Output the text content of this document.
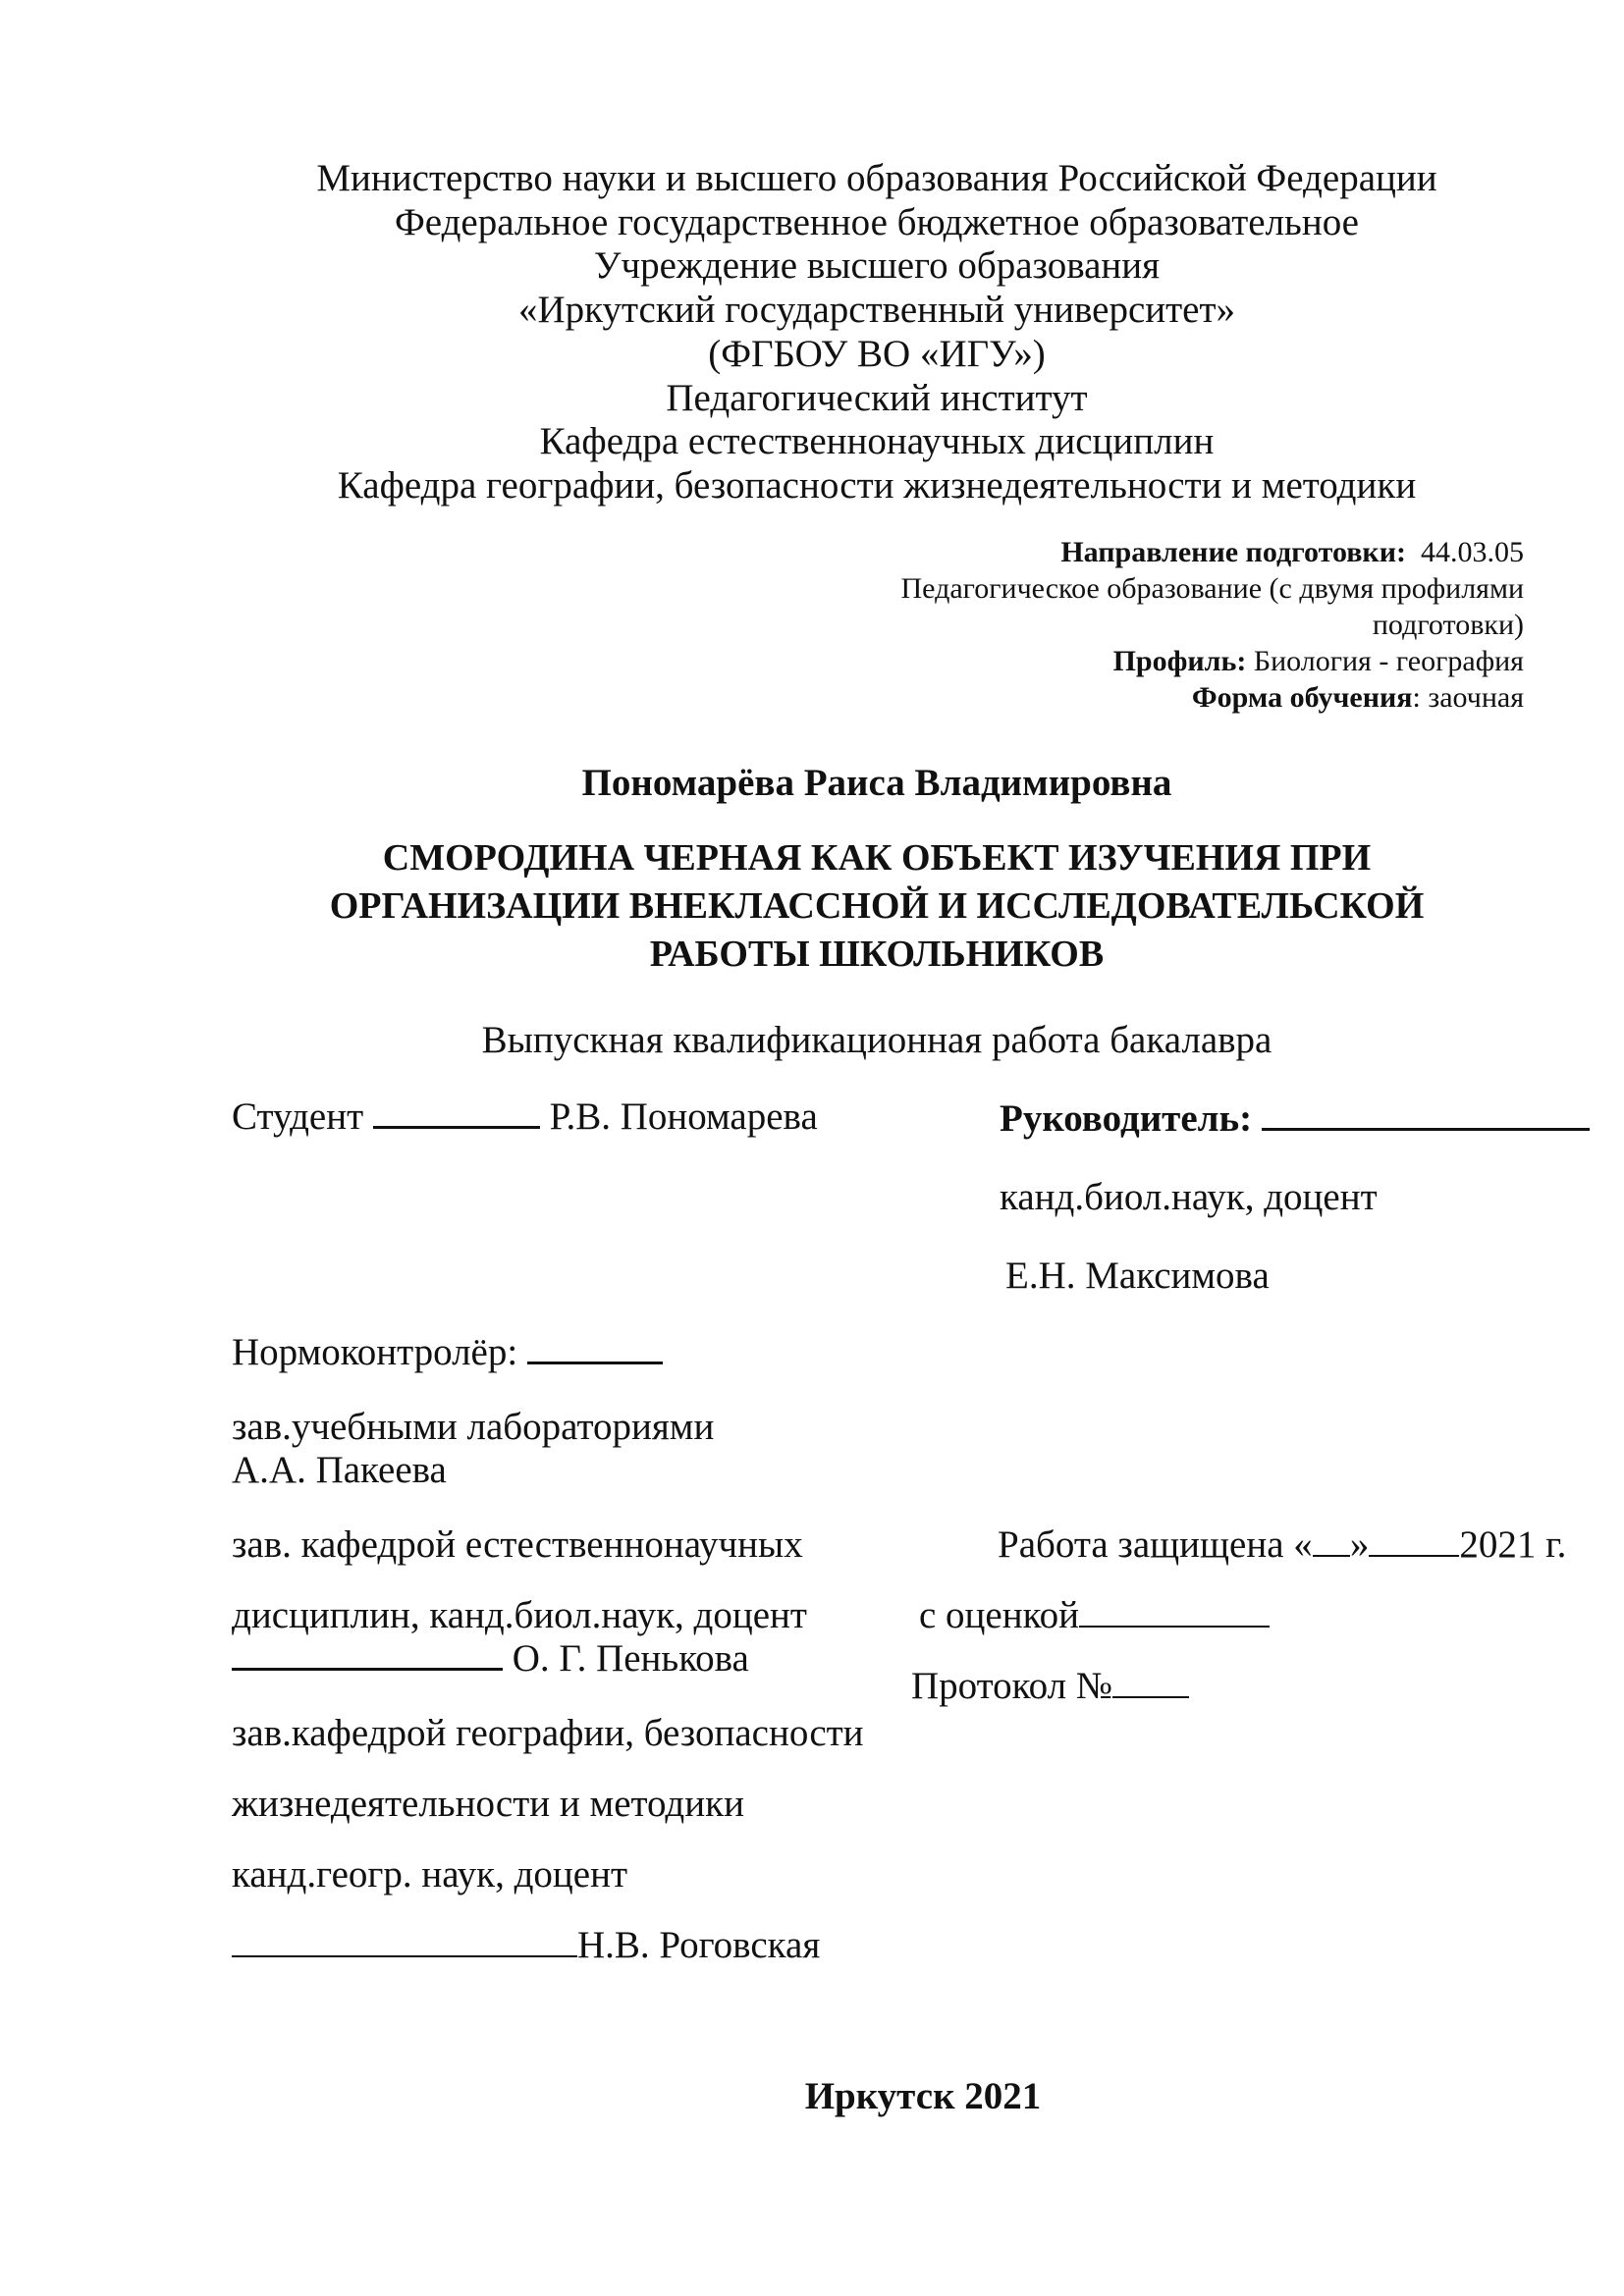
Министерство науки и высшего образования Российской Федерации
Федеральное государственное бюджетное образовательное
Учреждение высшего образования
«Иркутский государственный университет»
(ФГБОУ ВО «ИГУ»)
Педагогический институт
Кафедра естественнонаучных дисциплин
Кафедра географии, безопасности жизнедеятельности и методики
Направление подготовки: 44.03.05
Педагогическое образование (с двумя профилями
подготовки)
Профиль: Биология - география
Форма обучения: заочная
Пономарёва Раиса Владимировна
СМОРОДИНА ЧЕРНАЯ КАК ОБЪЕКТ ИЗУЧЕНИЯ ПРИ
ОРГАНИЗАЦИИ ВНЕКЛАССНОЙ И ИССЛЕДОВАТЕЛЬСКОЙ
РАБОТЫ ШКОЛЬНИКОВ
Выпускная квалификационная работа бакалавра
Студент	Р.В. Пономарева	Руководитель:
канд.биол.наук, доцент
Е.Н. Максимова
Нормоконтролёр:
зав.учебными лабораториями
А.А. Пакеева
зав. кафедрой естественнонаучных
дисциплин, канд.биол.наук, доцент
О. Г. Пенькова
Работа защищена « » 2021 г.
с оценкой
Протокол №
зав.кафедрой географии, безопасности
жизнедеятельности и методики
канд.геогр. наук, доцент
Н.В. Роговская
Иркутск 2021
